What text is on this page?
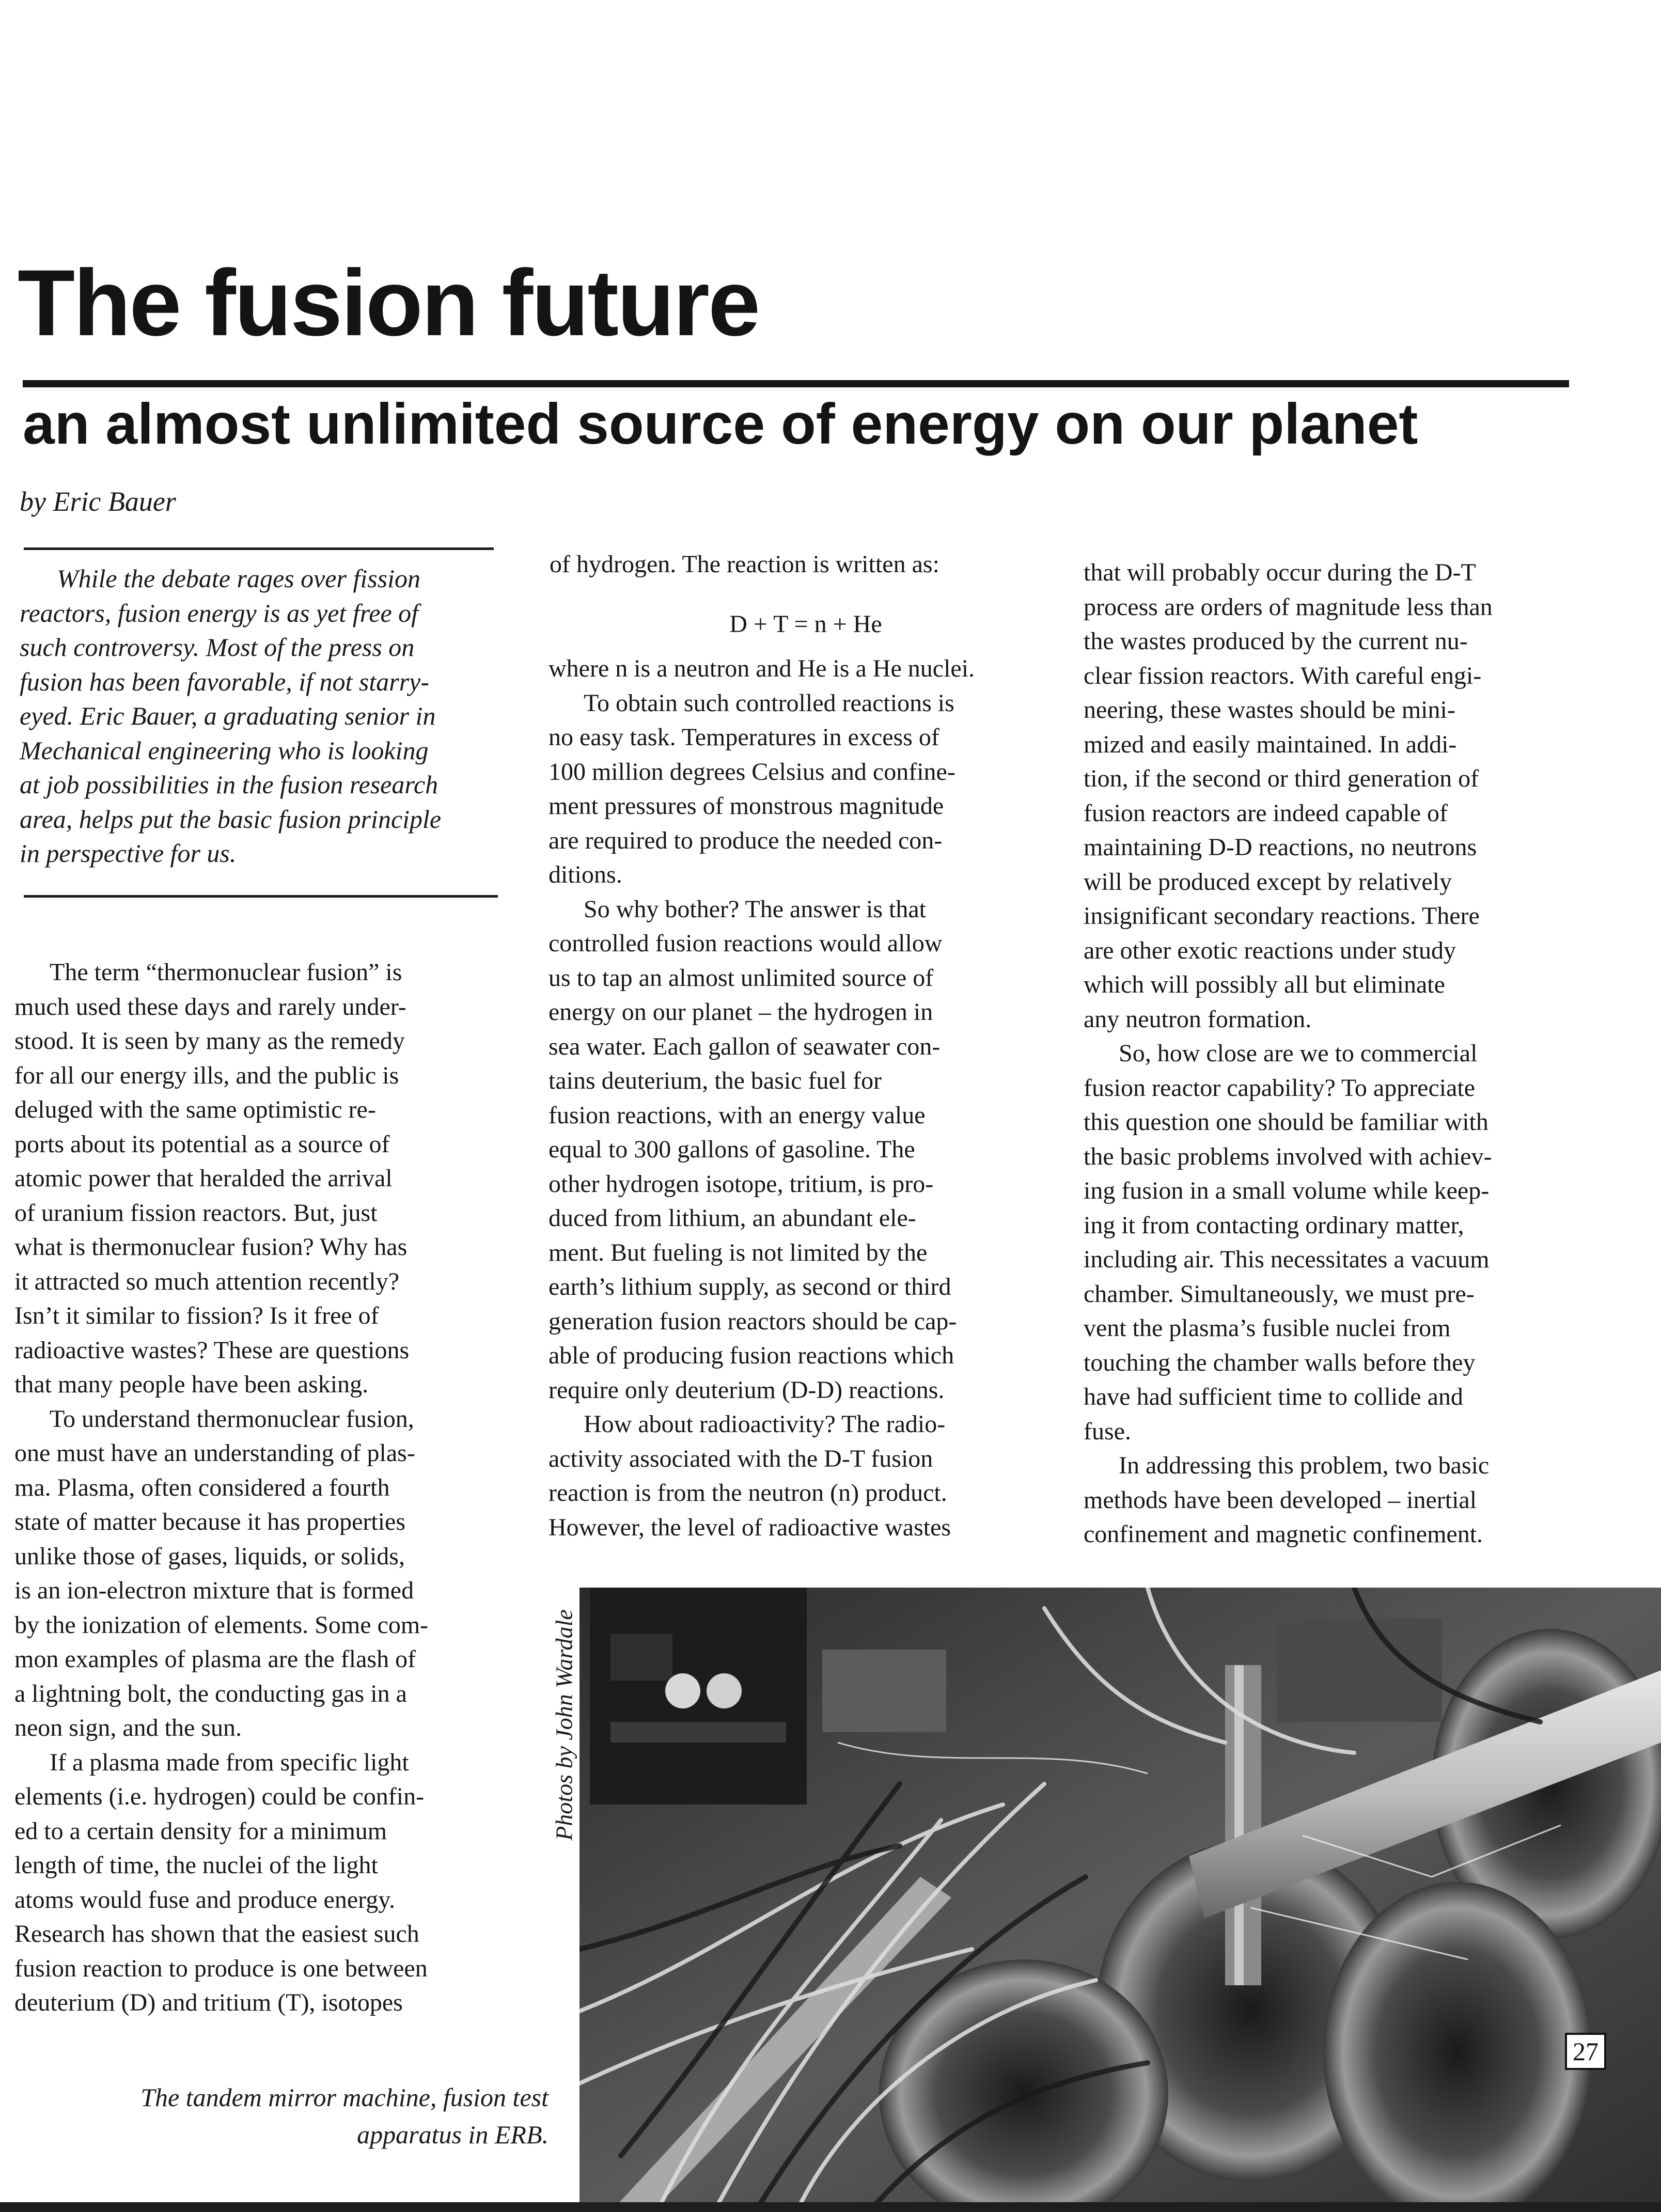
The fusion future
an almost unlimited source of energy on our planet

by Eric Bauer

While the debate rages over fission
reactors, fusion energy is as yet free of
such controversy. Most of the press on
fusion has been favorable, if not starry-
eyed. Eric Bauer, a graduating senior in
Mechanical engineering who is looking
at job possibilities in the fusion research
area, helps put the basic fusion principle
in perspective for us.

The term “thermonuclear fusion” is
much used these days and rarely under-
stood. It is seen by many as the remedy
for all our energy ills, and the public is
deluged with the same optimistic re-
ports about its potential as a source of
atomic power that heralded the arrival
of uranium fission reactors. But, just
what is thermonuclear fusion? Why has
it attracted so much attention recently?
Isn’t it similar to fission? Is it free of
radioactive wastes? These are questions
that many people have been asking.
To understand thermonuclear fusion,
one must have an understanding of plas-
ma. Plasma, often considered a fourth
state of matter because it has properties
unlike those of gases, liquids, or solids,
is an ion-electron mixture that is formed
by the ionization of elements. Some com-
mon examples of plasma are the flash of
a lightning bolt, the conducting gas in a
neon sign, and the sun.
If a plasma made from specific light
elements (i.e. hydrogen) could be confin-
ed to a certain density for a minimum
length of time, the nuclei of the light
atoms would fuse and produce energy.
Research has shown that the easiest such
fusion reaction to produce is one between
deuterium (D) and tritium (T), isotopes

of hydrogen. The reaction is written as:

D + T = n + He

where n is a neutron and He is a He nuclei.
To obtain such controlled reactions is
no easy task. Temperatures in excess of
100 million degrees Celsius and confine-
ment pressures of monstrous magnitude
are required to produce the needed con-
ditions.
So why bother? The answer is that
controlled fusion reactions would allow
us to tap an almost unlimited source of
energy on our planet – the hydrogen in
sea water. Each gallon of seawater con-
tains deuterium, the basic fuel for
fusion reactions, with an energy value
equal to 300 gallons of gasoline. The
other hydrogen isotope, tritium, is pro-
duced from lithium, an abundant ele-
ment. But fueling is not limited by the
earth’s lithium supply, as second or third
generation fusion reactors should be cap-
able of producing fusion reactions which
require only deuterium (D-D) reactions.
How about radioactivity? The radio-
activity associated with the D-T fusion
reaction is from the neutron (n) product.
However, the level of radioactive wastes

that will probably occur during the D-T
process are orders of magnitude less than
the wastes produced by the current nu-
clear fission reactors. With careful engi-
neering, these wastes should be mini-
mized and easily maintained. In addi-
tion, if the second or third generation of
fusion reactors are indeed capable of
maintaining D-D reactions, no neutrons
will be produced except by relatively
insignificant secondary reactions. There
are other exotic reactions under study
which will possibly all but eliminate
any neutron formation.
So, how close are we to commercial
fusion reactor capability? To appreciate
this question one should be familiar with
the basic problems involved with achiev-
ing fusion in a small volume while keep-
ing it from contacting ordinary matter,
including air. This necessitates a vacuum
chamber. Simultaneously, we must pre-
vent the plasma’s fusible nuclei from
touching the chamber walls before they
have had sufficient time to collide and
fuse.
In addressing this problem, two basic
methods have been developed – inertial
confinement and magnetic confinement.

Photos by John Wardale
27

The tandem mirror machine, fusion test
apparatus in ERB.
